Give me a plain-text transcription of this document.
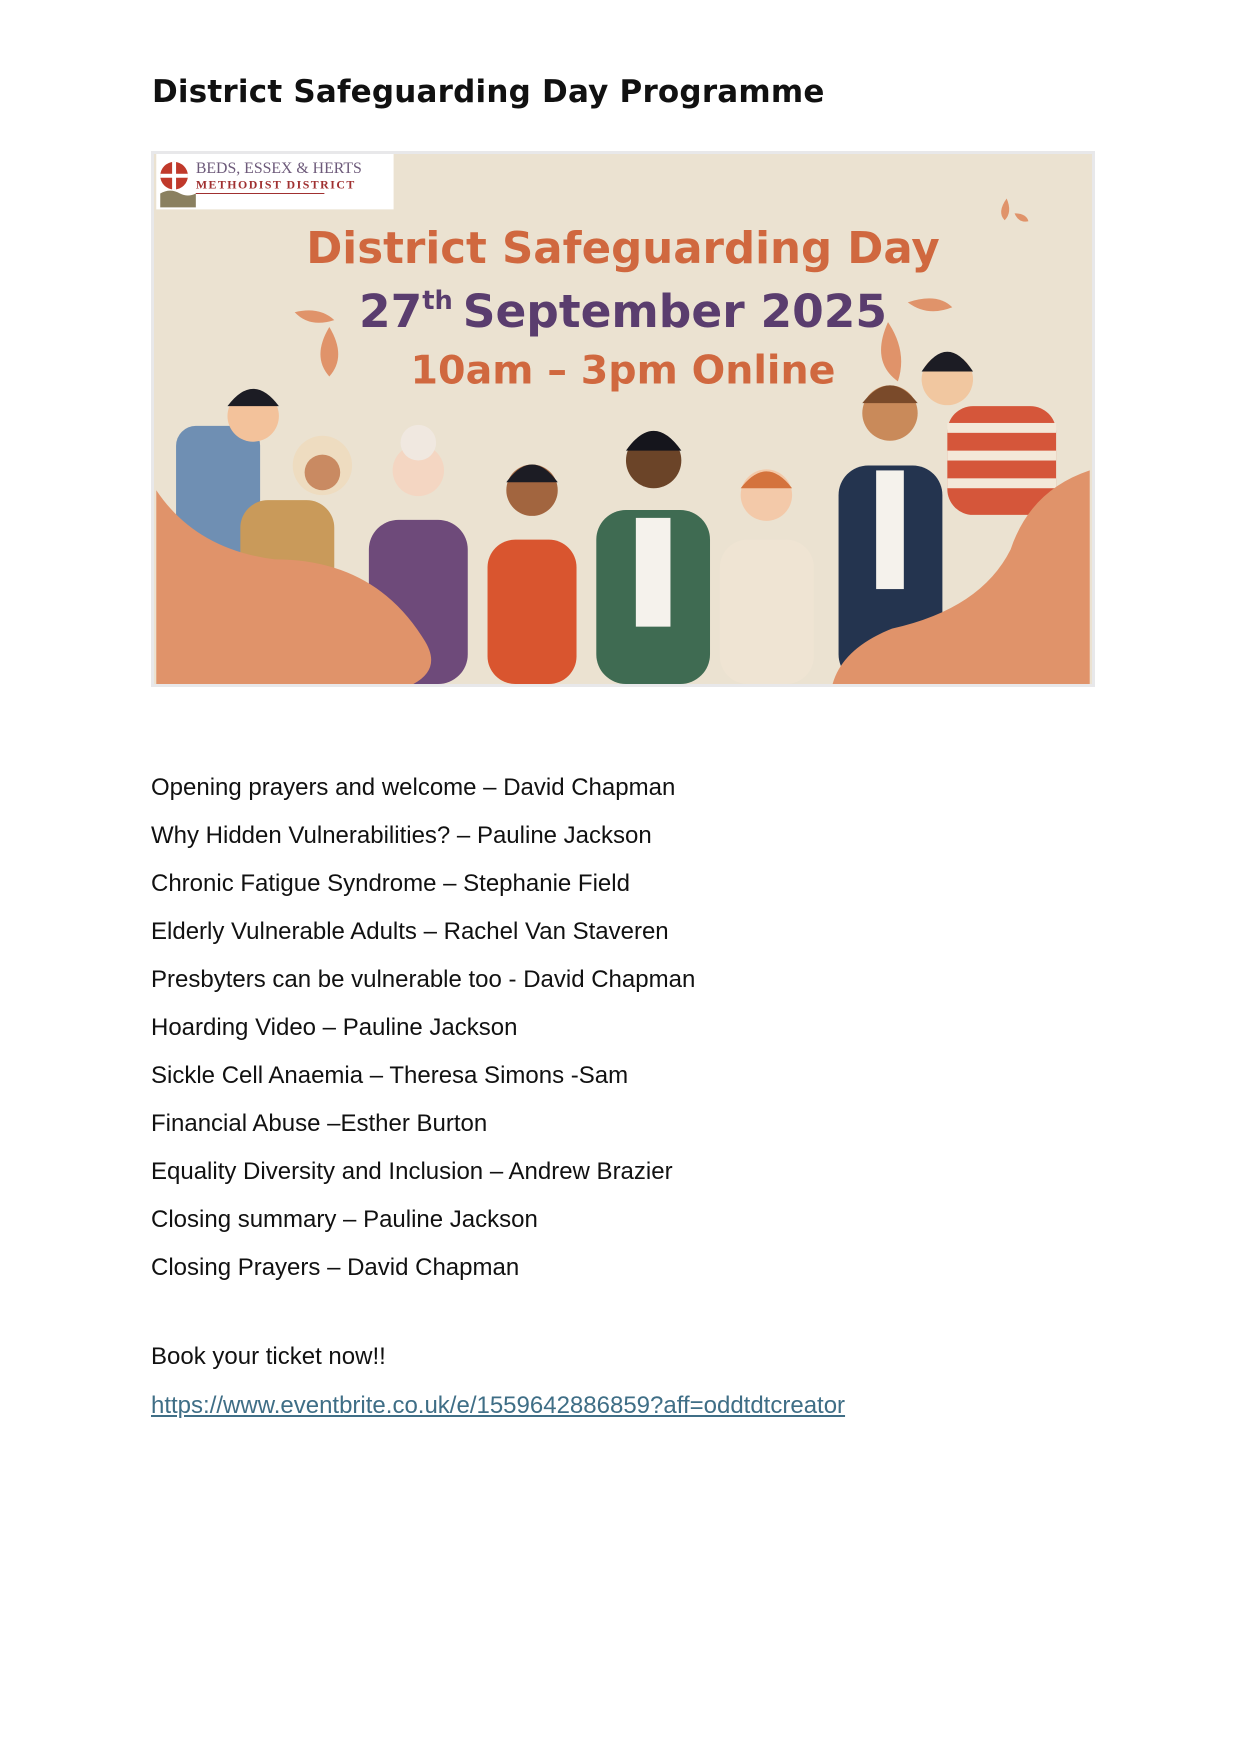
District Safeguarding Day Programme
BEDS, ESSEX & HERTS
METHODIST DISTRICT
District Safeguarding Day
27th September 2025
10am – 3pm Online
Opening prayers and welcome – David Chapman
Why Hidden Vulnerabilities? – Pauline Jackson
Chronic Fatigue Syndrome – Stephanie Field
Elderly Vulnerable Adults – Rachel Van Staveren
Presbyters can be vulnerable too - David Chapman
Hoarding Video – Pauline Jackson
Sickle Cell Anaemia – Theresa Simons -Sam
Financial Abuse –Esther Burton
Equality Diversity and Inclusion – Andrew Brazier
Closing summary – Pauline Jackson
Closing Prayers – David Chapman
Book your ticket now!!
https://www.eventbrite.co.uk/e/1559642886859?aff=oddtdtcreator
